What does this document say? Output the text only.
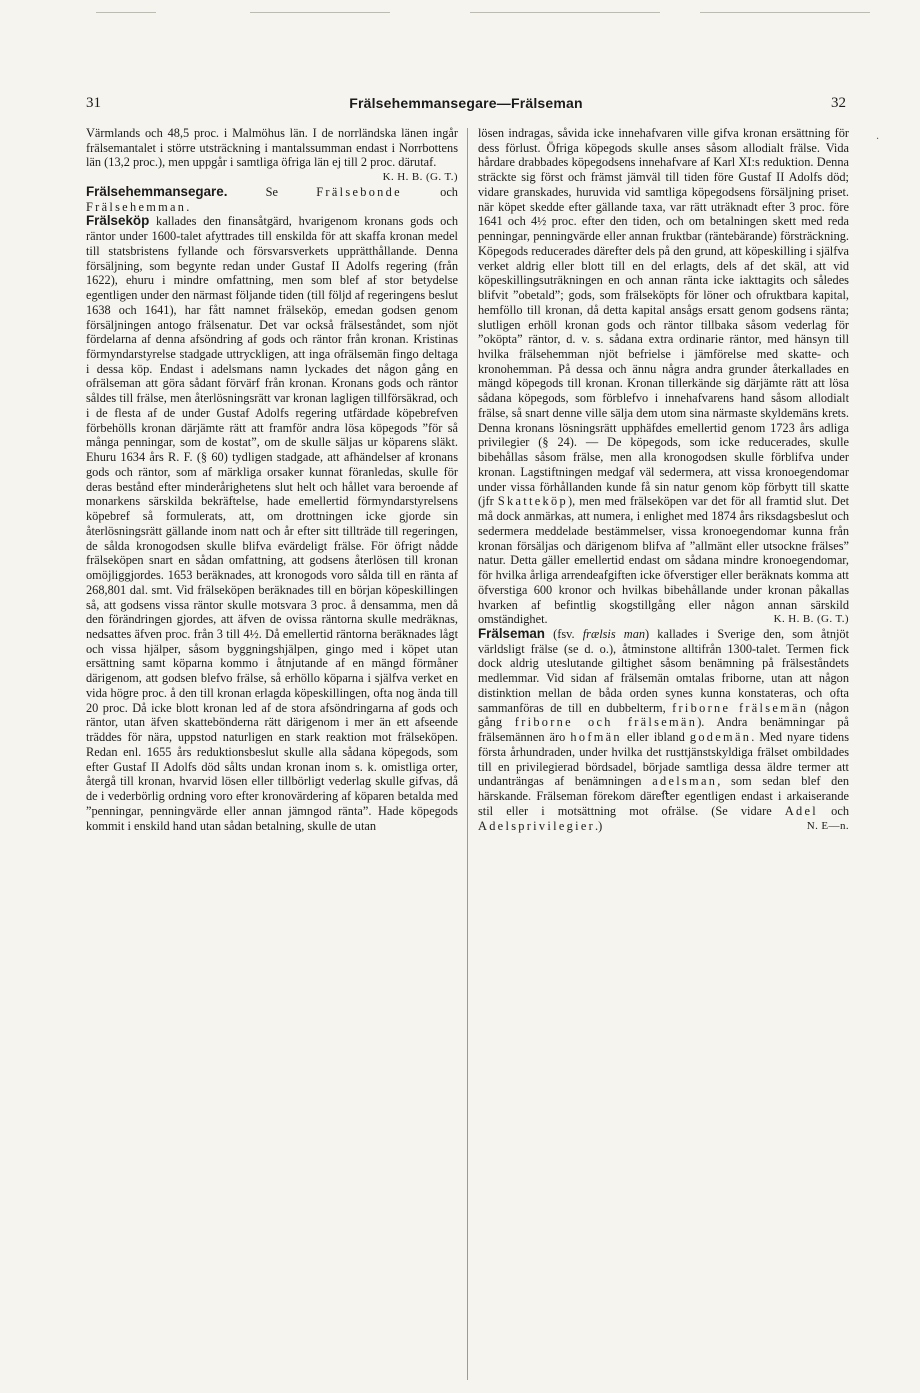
31	Frälsehemmansegare—Frälseman	32
·

Värmlands och 48,5 proc. i Malmöhus län. I de norrländska länen ingår frälsemantalet i större utsträckning i mantalssumman endast i Norrbottens län (13,2 proc.), men uppgår i samtliga öfriga län ej till 2 proc. därutaf.
K. H. B. (G. T.)

Frälsehemmansegare.	Se	Frälsebonde	och Frälsehemman.

Frälseköp kallades den finansåtgärd, hvarigenom kronans gods och räntor under 1600-talet afyttrades till enskilda för att skaffa kronan medel till statsbristens fyllande och försvarsverkets upprätthållande. Denna försäljning, som begynte redan under Gustaf II Adolfs regering (från 1622), ehuru i mindre omfattning, men som blef af stor betydelse egentligen under den närmast följande tiden (till följd af regeringens beslut 1638 och 1641), har fått namnet frälseköp, emedan godsen genom försäljningen antogo frälsenatur. Det var också frälseståndet, som njöt fördelarna af denna afsöndring af gods och räntor från kronan. Kristinas förmyndarstyrelse stadgade uttryckligen, att inga ofrälsemän fingo deltaga i dessa köp. Endast i adelsmans namn lyckades det någon gång en ofrälseman att göra sådant förvärf från kronan. Kronans gods och räntor såldes till frälse, men återlösningsrätt var kronan lagligen tillförsäkrad, och i de flesta af de under Gustaf Adolfs regering utfärdade köpebrefven förbehölls kronan därjämte rätt att framför andra lösa köpegods ”för så många penningar, som de kostat”, om de skulle säljas ur köparens släkt. Ehuru 1634 års R. F. (§ 60) tydligen stadgade, att afhändelser af kronans gods och räntor, som af märkliga orsaker kunnat föranledas, skulle för deras bestånd efter minderårighetens slut helt och hållet vara beroende af monarkens särskilda bekräftelse, hade emellertid förmyndarstyrelsens köpebref så formulerats, att, om drottningen icke gjorde sin återlösningsrätt gällande inom natt och år efter sitt tillträde till regeringen, de sålda kronogodsen skulle blifva evärdeligt frälse. För öfrigt nådde frälseköpen snart en sådan omfattning, att godsens återlösen till kronan omöjliggjordes. 1653 beräknades, att kronogods voro sålda till en ränta af 268,801 dal. smt. Vid frälseköpen beräknades till en början köpeskillingen så, att godsens vissa räntor skulle motsvara 3 proc. å densamma, men då den förändringen gjordes, att äfven de ovissa räntorna skulle medräknas, nedsattes äfven proc. från 3 till 4½. Då emellertid räntorna beräknades lågt och vissa hjälper, såsom byggningshjälpen, gingo med i köpet utan ersättning samt köparna kommo i åtnjutande af en mängd förmåner därigenom, att godsen blefvo frälse, så erhöllo köparna i själfva verket en vida högre proc. å den till kronan erlagda köpeskillingen, ofta nog ända till 20 proc. Då icke blott kronan led af de stora afsöndringarna af gods och räntor, utan äfven skattebönderna rätt därigenom i mer än ett afseende träddes för nära, uppstod naturligen en stark reaktion mot frälseköpen. Redan enl. 1655 års reduktionsbeslut skulle alla sådana köpegods, som efter Gustaf II Adolfs död sålts undan kronan inom s. k. omistliga orter, återgå till kronan, hvarvid lösen eller tillbörligt vederlag skulle gifvas, då de i vederbörlig ordning voro efter kronovärdering af köparen betalda med ”penningar, penningvärde eller annan jämngod ränta”. Hade köpegods kommit i enskild hand utan sådan betalning, skulle de utan

lösen indragas, såvida icke innehafvaren ville gifva kronan ersättning för dess förlust. Öfriga köpegods skulle anses såsom allodialt frälse. Vida hårdare drabbades köpegodsens innehafvare af Karl XI:s reduktion. Denna sträckte sig först och främst jämväl till tiden före Gustaf II Adolfs död; vidare granskades, huruvida vid samtliga köpegodsens försäljning priset. när köpet skedde efter gällande taxa, var rätt uträknadt efter 3 proc. före 1641 och 4½ proc. efter den tiden, och om betalningen skett med reda penningar, penningvärde eller annan fruktbar (räntebärande) försträckning. Köpegods reducerades därefter dels på den grund, att köpeskilling i själfva verket aldrig eller blott till en del erlagts, dels af det skäl, att vid köpeskillingsuträkningen en och annan ränta icke iakttagits och således blifvit ”obetald”; gods, som frälseköpts för löner och ofruktbara kapital, hemföllo till kronan, då detta kapital ansågs ersatt genom godsens ränta; slutligen erhöll kronan gods och räntor tillbaka såsom vederlag för ”oköpta” räntor, d. v. s. sådana extra ordinarie räntor, med hänsyn till hvilka frälsehemman njöt befrielse i jämförelse med skatte- och kronohemman. På dessa och ännu några andra grunder återkallades en mängd köpegods till kronan. Kronan tillerkände sig därjämte rätt att lösa sådana köpegods, som förblefvo i innehafvarens hand såsom allodialt frälse, så snart denne ville sälja dem utom sina närmaste skyldemäns krets. Denna kronans lösningsrätt upphäfdes emellertid genom 1723 års adliga privilegier (§ 24). — De köpegods, som icke reducerades, skulle bibehållas såsom frälse, men alla kronogodsen skulle förblifva under kronan. Lagstiftningen medgaf väl sedermera, att vissa kronoegendomar under vissa förhållanden kunde få sin natur genom köp förbytt till skatte (jfr Skatteköp), men med frälseköpen var det för all framtid slut. Det må dock anmärkas, att numera, i enlighet med 1874 års riksdagsbeslut och sedermera meddelade bestämmelser, vissa kronoegendomar kunna från kronan försäljas och därigenom blifva af ”allmänt eller utsockne frälses” natur. Detta gäller emellertid endast om sådana mindre kronoegendomar, för hvilka årliga arrendeafgiften icke öfverstiger eller beräknats komma att öfverstiga 600 kronor och hvilkas bibehållande under kronan påkallas hvarken af befintlig skogstillgång eller någon annan särskild omständighet.	K. H. B. (G. T.)

Frälseman (fsv. frælsis man) kallades i Sverige den, som åtnjöt världsligt frälse (se d. o.), åtminstone alltifrån 1300-talet. Termen fick dock aldrig uteslutande giltighet såsom benämning på frälseståndets medlemmar. Vid sidan af frälsemän omtalas friborne, utan att någon distinktion mellan de båda orden synes kunna konstateras, och ofta sammanföras de till en dubbelterm, friborne frälsemän (någon gång friborne och frälsemän). Andra benämningar på frälsemännen äro hofmän eller ibland godemän. Med nyare tidens första århundraden, under hvilka det rusttjänstskyldiga frälset ombildades till en privilegierad bördsadel, började samtliga dessa äldre termer att undanträngas af benämningen adelsman, som sedan blef den härskande. Frälseman förekom däreﬅer egentligen endast i arkaiserande stil eller i motsättning mot ofrälse. (Se vidare Adel och Adelsprivilegier.)	N. E—n.
